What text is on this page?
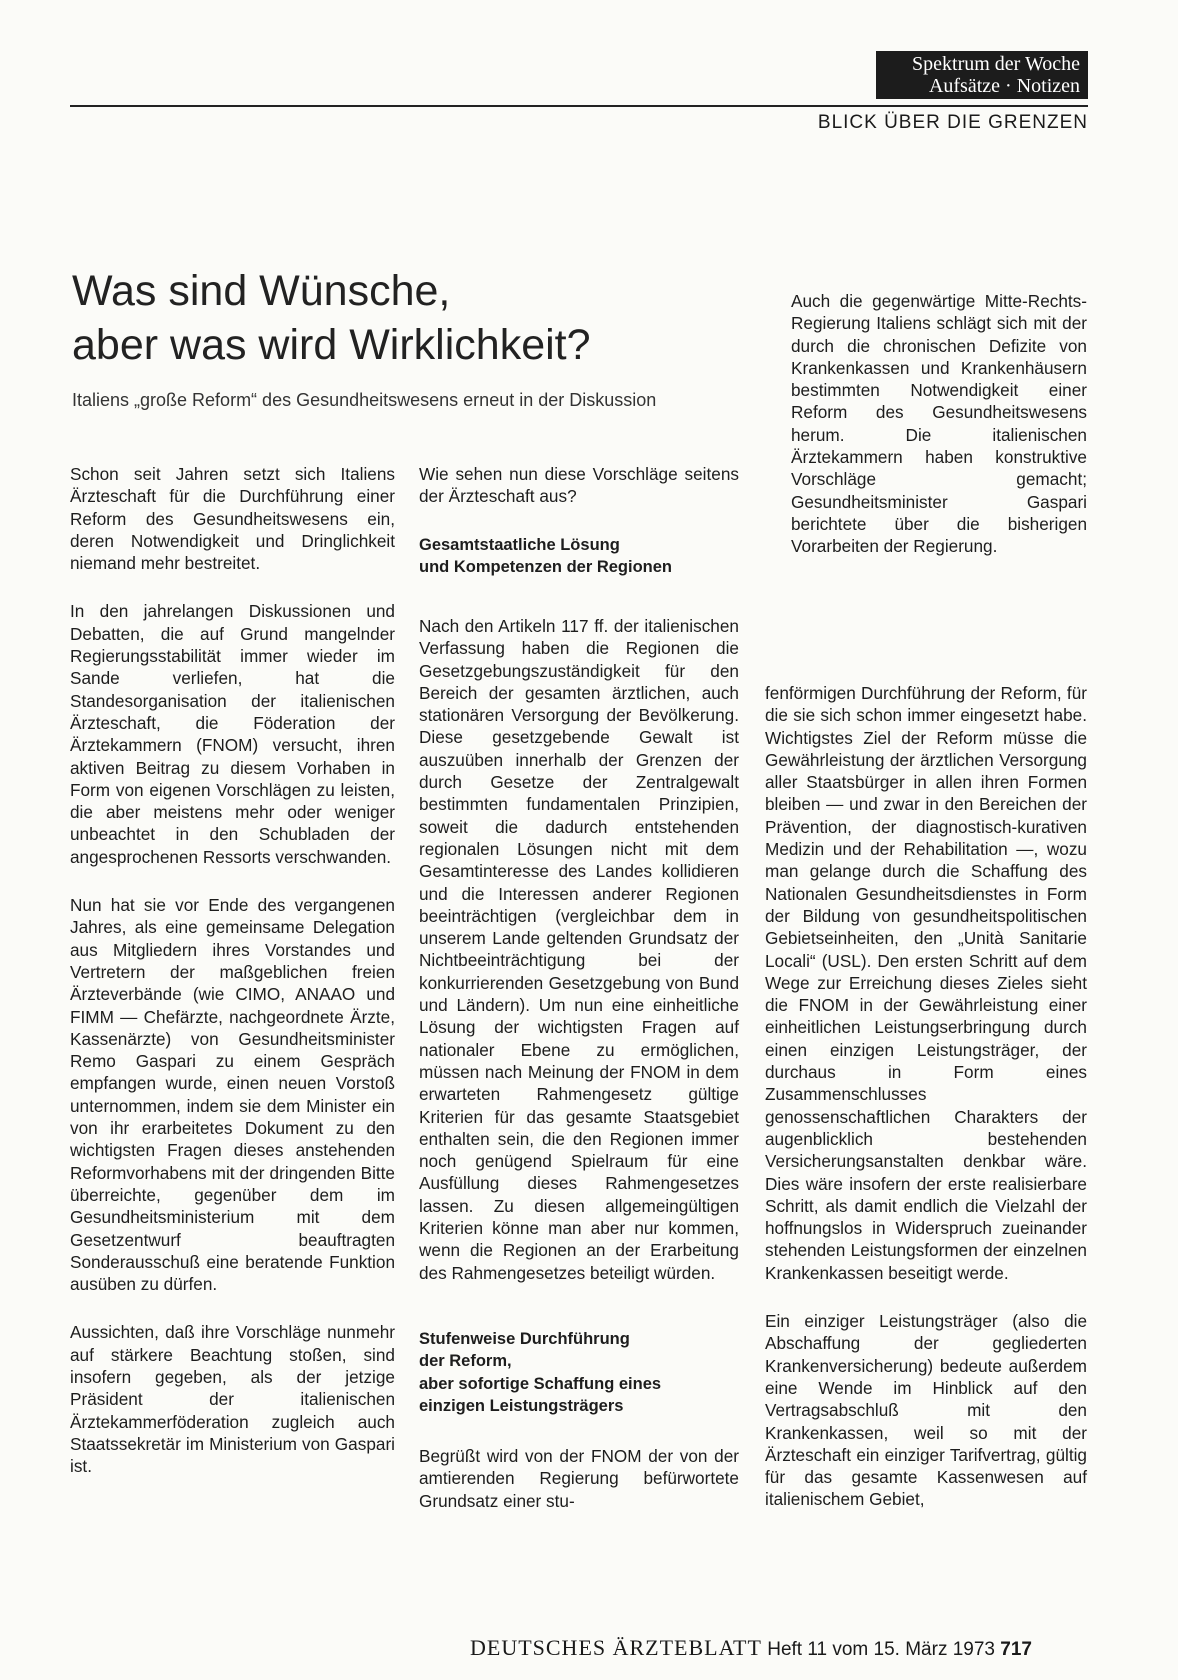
Spektrum der Woche
Aufsätze · Notizen
BLICK ÜBER DIE GRENZEN
Was sind Wünsche,
aber was wird Wirklichkeit?
Italiens „große Reform“ des Gesundheitswesens erneut in der Diskussion

Schon seit Jahren setzt sich Italiens Ärzteschaft für die Durchführung einer Reform des Gesundheitswesens ein, deren Notwendigkeit und Dringlichkeit niemand mehr bestreitet.

In den jahrelangen Diskussionen und Debatten, die auf Grund mangelnder Regierungsstabilität immer wieder im Sande verliefen, hat die Standesorganisation der italienischen Ärzteschaft, die Föderation der Ärztekammern (FNOM) versucht, ihren aktiven Beitrag zu diesem Vorhaben in Form von eigenen Vorschlägen zu leisten, die aber meistens mehr oder weniger unbeachtet in den Schubladen der angesprochenen Ressorts verschwanden.

Nun hat sie vor Ende des vergangenen Jahres, als eine gemeinsame Delegation aus Mitgliedern ihres Vorstandes und Vertretern der maßgeblichen freien Ärzteverbände (wie CIMO, ANAAO und FIMM — Chefärzte, nachgeordnete Ärzte, Kassenärzte) von Gesundheitsminister Remo Gaspari zu einem Gespräch empfangen wurde, einen neuen Vorstoß unternommen, indem sie dem Minister ein von ihr erarbeitetes Dokument zu den wichtigsten Fragen dieses anstehenden Reformvorhabens mit der dringenden Bitte überreichte, gegenüber dem im Gesundheitsministerium mit dem Gesetzentwurf beauftragten Sonderausschuß eine beratende Funktion ausüben zu dürfen.

Aussichten, daß ihre Vorschläge nunmehr auf stärkere Beachtung stoßen, sind insofern gegeben, als der jetzige Präsident der italienischen Ärztekammerföderation zugleich auch Staatssekretär im Ministerium von Gaspari ist.

Wie sehen nun diese Vorschläge seitens der Ärzteschaft aus?

Gesamtstaatliche Lösung
und Kompetenzen der Regionen

Nach den Artikeln 117 ff. der italienischen Verfassung haben die Regionen die Gesetzgebungszuständigkeit für den Bereich der gesamten ärztlichen, auch stationären Versorgung der Bevölkerung. Diese gesetzgebende Gewalt ist auszuüben innerhalb der Grenzen der durch Gesetze der Zentralgewalt bestimmten fundamentalen Prinzipien, soweit die dadurch entstehenden regionalen Lösungen nicht mit dem Gesamtinteresse des Landes kollidieren und die Interessen anderer Regionen beeinträchtigen (vergleichbar dem in unserem Lande geltenden Grundsatz der Nichtbeeinträchtigung bei der konkurrierenden Gesetzgebung von Bund und Ländern). Um nun eine einheitliche Lösung der wichtigsten Fragen auf nationaler Ebene zu ermöglichen, müssen nach Meinung der FNOM in dem erwarteten Rahmengesetz gültige Kriterien für das gesamte Staatsgebiet enthalten sein, die den Regionen immer noch genügend Spielraum für eine Ausfüllung dieses Rahmengesetzes lassen. Zu diesen allgemeingültigen Kriterien könne man aber nur kommen, wenn die Regionen an der Erarbeitung des Rahmengesetzes beteiligt würden.

Stufenweise Durchführung
der Reform,
aber sofortige Schaffung eines
einzigen Leistungsträgers

Begrüßt wird von der FNOM der von der amtierenden Regierung befürwortete Grundsatz einer stu-

Auch die gegenwärtige Mitte-Rechts-Regierung Italiens schlägt sich mit der durch die chronischen Defizite von Krankenkassen und Krankenhäusern bestimmten Notwendigkeit einer Reform des Gesundheitswesens herum. Die italienischen Ärztekammern haben konstruktive Vorschläge gemacht; Gesundheitsminister Gaspari berichtete über die bisherigen Vorarbeiten der Regierung.

fenförmigen Durchführung der Reform, für die sie sich schon immer eingesetzt habe. Wichtigstes Ziel der Reform müsse die Gewährleistung der ärztlichen Versorgung aller Staatsbürger in allen ihren Formen bleiben — und zwar in den Bereichen der Prävention, der diagnostisch-kurativen Medizin und der Rehabilitation —, wozu man gelange durch die Schaffung des Nationalen Gesundheitsdienstes in Form der Bildung von gesundheitspolitischen Gebietseinheiten, den „Unità Sanitarie Locali“ (USL). Den ersten Schritt auf dem Wege zur Erreichung dieses Zieles sieht die FNOM in der Gewährleistung einer einheitlichen Leistungserbringung durch einen einzigen Leistungsträger, der durchaus in Form eines Zusammenschlusses genossenschaftlichen Charakters der augenblicklich bestehenden Versicherungsanstalten denkbar wäre. Dies wäre insofern der erste realisierbare Schritt, als damit endlich die Vielzahl der hoffnungslos in Widerspruch zueinander stehenden Leistungsformen der einzelnen Krankenkassen beseitigt werde.

Ein einziger Leistungsträger (also die Abschaffung der gegliederten Krankenversicherung) bedeute außerdem eine Wende im Hinblick auf den Vertragsabschluß mit den Krankenkassen, weil so mit der Ärzteschaft ein einziger Tarifvertrag, gültig für das gesamte Kassenwesen auf italienischem Gebiet,

DEUTSCHES ÄRZTEBLATT Heft 11 vom 15. März 1973 717
